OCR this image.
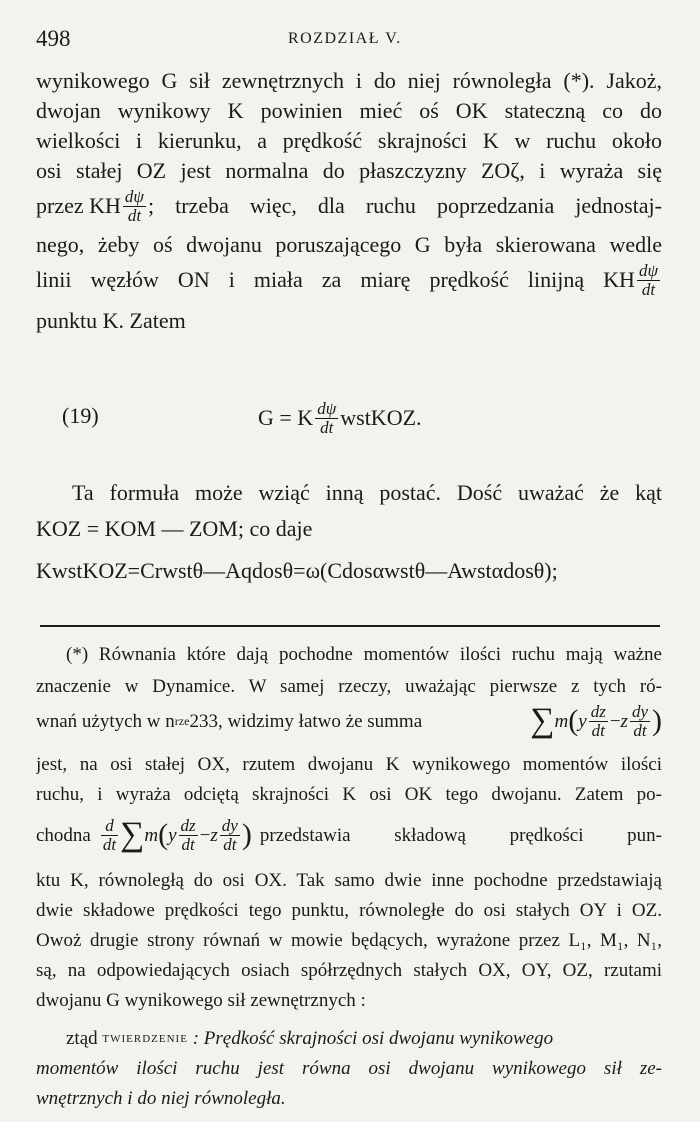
498	ROZDZIAŁ V.
wynikowego G sił zewnętrznych i do niej równoległa (*). Jakoż,
dwojan wynikowy K powinien mieć oś OK stateczną co do
wielkości i kierunku, a prędkość skrajności K w ruchu około
osi stałej OZ jest normalna do płaszczyzny ZOζ, i wyraża się
przez KH $\frac{d\psi}{dt}$ ; trzeba więc, dla ruchu poprzedzania jednostaj-
nego, żeby oś dwojanu poruszającego G była skierowana wedle
linii węzłów ON i miała za miarę prędkość linijną KH $\frac{d\psi}{dt}$
punktu K. Zatem
(19)	G = K $\frac{d\psi}{dt}$ wstKOZ.
Ta formuła może wziąć inną postać. Dość uważać że kąt
KOZ = KOM — ZOM; co daje
KwstKOZ=Crwstθ—Aqdosθ=ω(Cdosαwstθ—Awstαdosθ);
(*) Równania które dają pochodne momentów ilości ruchu mają ważne
znaczenie w Dynamice. W samej rzeczy, uważając pierwsze z tych ró-
wnań użytych w n rze 233, widzimy łatwo że summa	∑ m ( y $\frac{dz}{dt} - z \frac{dy}{dt}$ )
jest, na osi stałej OX, rzutem dwojanu K wynikowego momentów ilości
ruchu, i wyraża odciętą skrajności K osi OK tego dwojanu. Zatem po-
chodna $\frac{d}{dt}$ ∑ m ( y $\frac{dz}{dt} - z \frac{dy}{dt}$ ) przedstawia składową prędkości pun-
ktu K, równoległą do osi OX. Tak samo dwie inne pochodne przedstawiają
dwie składowe prędkości tego punktu, równoległe do osi stałych OY i OZ.
Owoż drugie strony równań w mowie będących, wyrażone przez L₁, M₁, N₁,
są, na odpowiedających osiach spółrzędnych stałych OX, OY, OZ, rzutami
dwojanu G wynikowego sił zewnętrznych :
ztąd
twierdzenie : Prędkość skrajności osi dwojanu wynikowego
momentów ilości ruchu jest równa osi dwojanu wynikowego sił ze-
wnętrznych i do niej równoległa.
